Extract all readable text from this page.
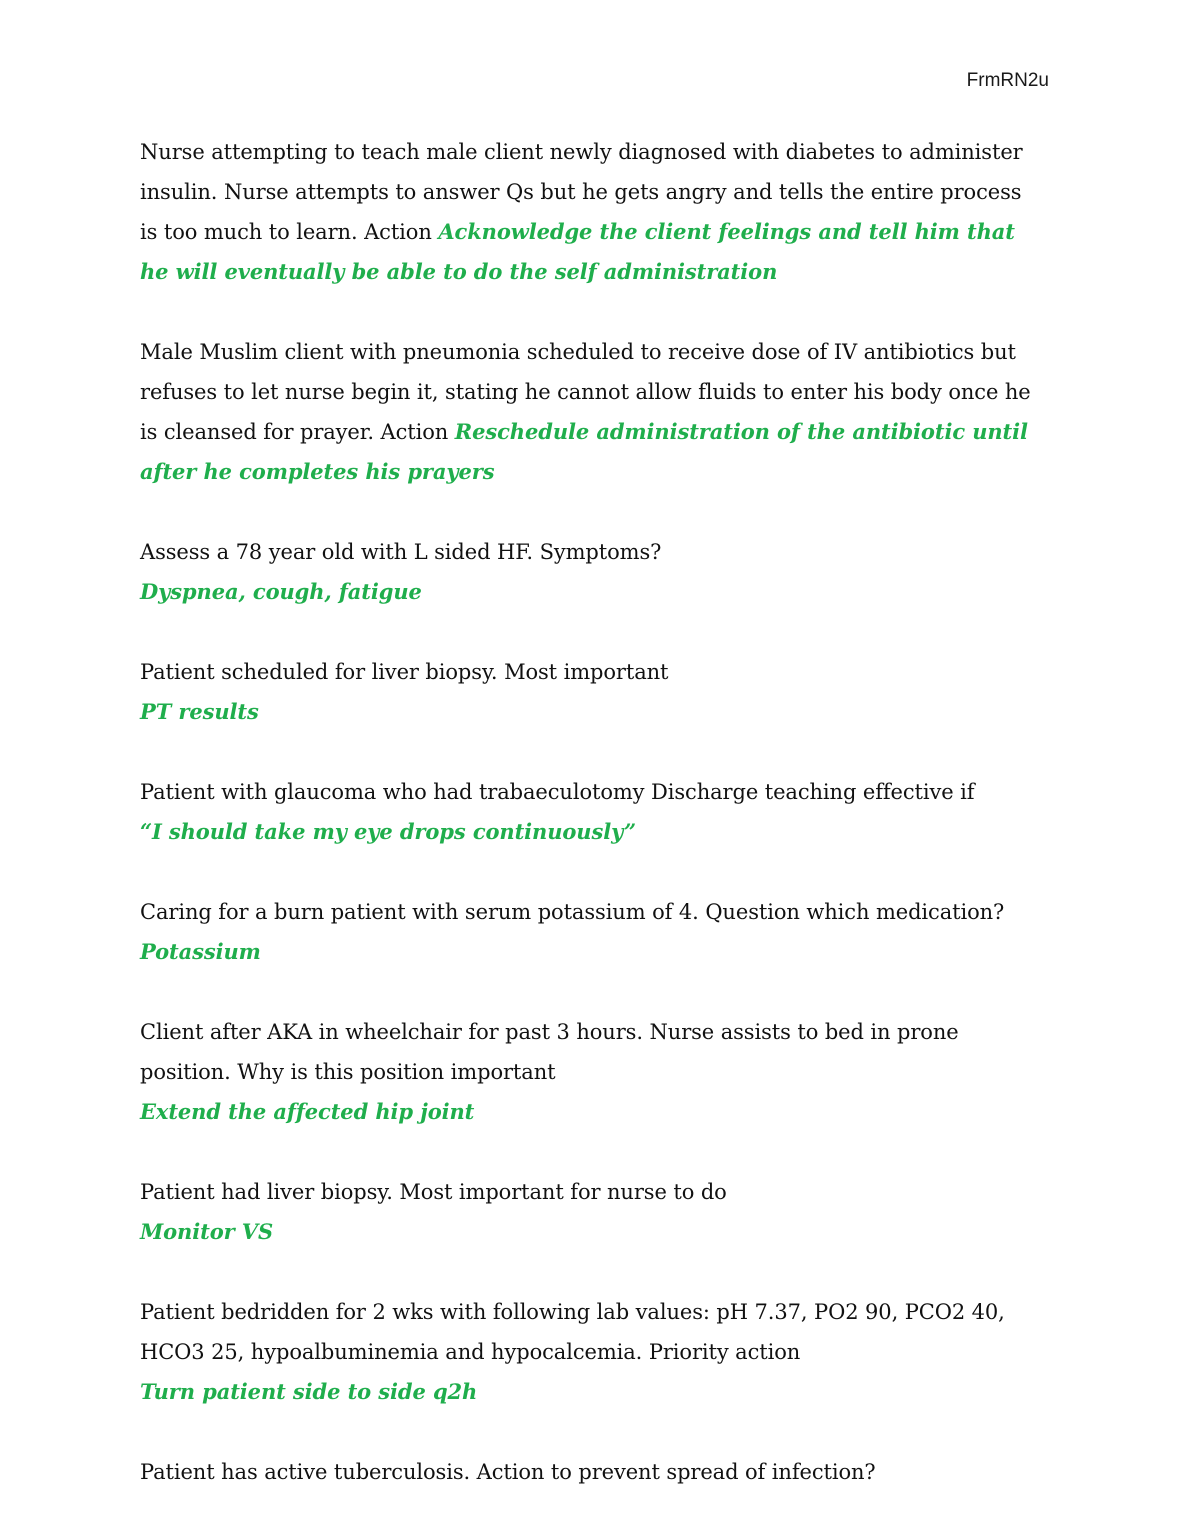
FrmRN2u

Nurse attempting to teach male client newly diagnosed with diabetes to administer insulin. Nurse attempts to answer Qs but he gets angry and tells the entire process is too much to learn. Action Acknowledge the client feelings and tell him that he will eventually be able to do the self administration

Male Muslim client with pneumonia scheduled to receive dose of IV antibiotics but refuses to let nurse begin it, stating he cannot allow fluids to enter his body once he is cleansed for prayer. Action Reschedule administration of the antibiotic until after he completes his prayers

Assess a 78 year old with L sided HF. Symptoms?
Dyspnea, cough, fatigue

Patient scheduled for liver biopsy. Most important
PT results

Patient with glaucoma who had trabaeculotomy Discharge teaching effective if
“I should take my eye drops continuously”

Caring for a burn patient with serum potassium of 4. Question which medication?
Potassium

Client after AKA in wheelchair for past 3 hours. Nurse assists to bed in prone position. Why is this position important
Extend the affected hip joint

Patient had liver biopsy. Most important for nurse to do
Monitor VS

Patient bedridden for 2 wks with following lab values: pH 7.37, PO2 90, PCO2 40, HCO3 25, hypoalbuminemia and hypocalcemia. Priority action
Turn patient side to side q2h

Patient has active tuberculosis. Action to prevent spread of infection?
